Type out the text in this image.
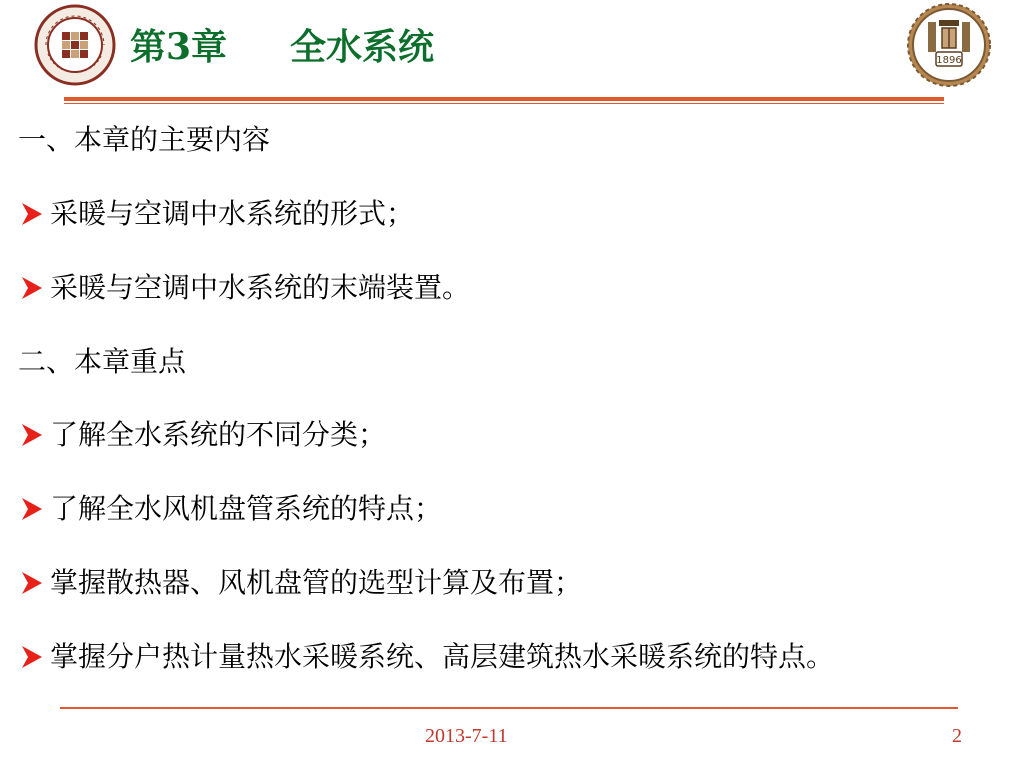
第3章 全水系统	1896
一、本章的主要内容
采暖与空调中水系统的形式；
采暖与空调中水系统的末端装置。
二、本章重点
了解全水系统的不同分类；
了解全水风机盘管系统的特点；
掌握散热器、风机盘管的选型计算及布置；
掌握分户热计量热水采暖系统、高层建筑热水采暖系统的特点。
2013-7-11	2
